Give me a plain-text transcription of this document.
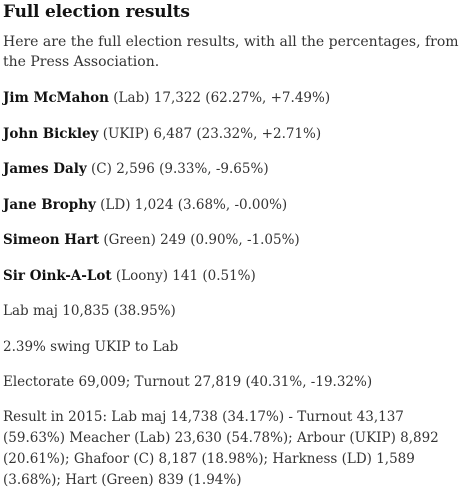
Full election results

Here are the full election results, with all the percentages, from the Press Association.

Jim McMahon (Lab) 17,322 (62.27%, +7.49%)

John Bickley (UKIP) 6,487 (23.32%, +2.71%)

James Daly (C) 2,596 (9.33%, -9.65%)

Jane Brophy (LD) 1,024 (3.68%, -0.00%)

Simeon Hart (Green) 249 (0.90%, -1.05%)

Sir Oink-A-Lot (Loony) 141 (0.51%)

Lab maj 10,835 (38.95%)

2.39% swing UKIP to Lab

Electorate 69,009; Turnout 27,819 (40.31%, -19.32%)

Result in 2015: Lab maj 14,738 (34.17%) - Turnout 43,137 (59.63%) Meacher (Lab) 23,630 (54.78%); Arbour (UKIP) 8,892 (20.61%); Ghafoor (C) 8,187 (18.98%); Harkness (LD) 1,589 (3.68%); Hart (Green) 839 (1.94%)
